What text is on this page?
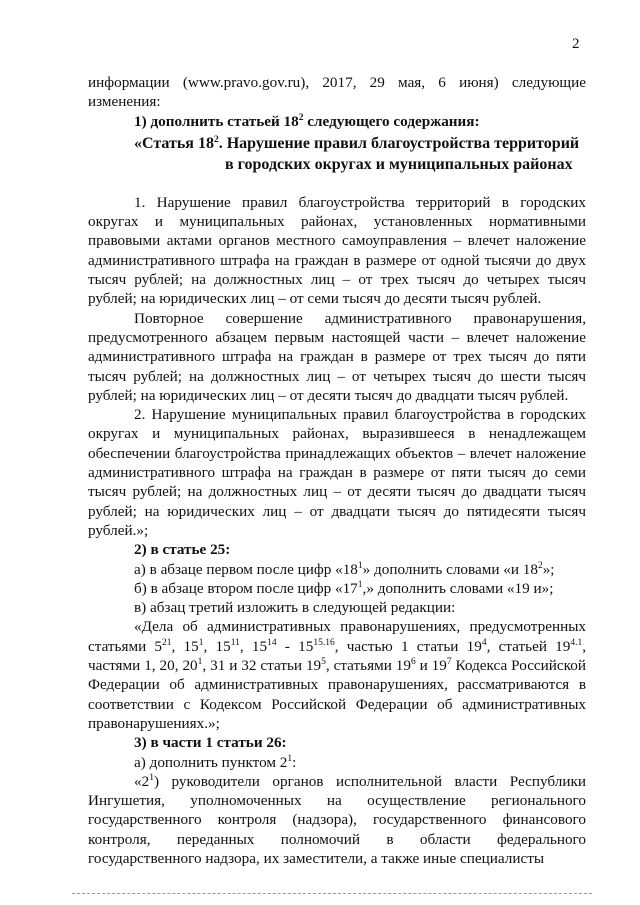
2

информации (www.pravo.gov.ru), 2017, 29 мая, 6 июня) следующие изменения:

1) дополнить статьей $18^2$ следующего содержания:

«Статья $18^2$. Нарушение правил благоустройства территорий
в городских округах и муниципальных районах

1. Нарушение правил благоустройства территорий в городских округах и муниципальных районах, установленных нормативными правовыми актами органов местного самоуправления – влечет наложение административного штрафа на граждан в размере от одной тысячи до двух тысяч рублей; на должностных лиц – от трех тысяч до четырех тысяч рублей; на юридических лиц – от семи тысяч до десяти тысяч рублей.

Повторное совершение административного правонарушения, предусмотренного абзацем первым настоящей части – влечет наложение административного штрафа на граждан в размере от трех тысяч до пяти тысяч рублей; на должностных лиц – от четырех тысяч до шести тысяч рублей; на юридических лиц – от десяти тысяч до двадцати тысяч рублей.

2. Нарушение муниципальных правил благоустройства в городских округах и муниципальных районах, выразившееся в ненадлежащем обеспечении благоустройства принадлежащих объектов – влечет наложение административного штрафа на граждан в размере от пяти тысяч до семи тысяч рублей; на должностных лиц – от десяти тысяч до двадцати тысяч рублей; на юридических лиц – от двадцати тысяч до пятидесяти тысяч рублей.»;

2) в статье 25:

а) в абзаце первом после цифр «$18^1$» дополнить словами «и $18^2$»;

б) в абзаце втором после цифр «$17^1$,» дополнить словами «19 и»;

в) абзац третий изложить в следующей редакции:

«Дела об административных правонарушениях, предусмотренных статьями $5^{21}$, $15^1$, $15^{11}$, $15^{14} - 15^{15.16}$, частью 1 статьи $19^4$, статьей $19^{4.1}$, частями 1, 20, $20^1$, 31 и 32 статьи $19^5$, статьями $19^6$ и $19^7$ Кодекса Российской Федерации об административных правонарушениях, рассматриваются в соответствии с Кодексом Российской Федерации об административных правонарушениях.»;

3) в части 1 статьи 26:

а) дополнить пунктом $2^1$:

«$2^1$) руководители органов исполнительной власти Республики Ингушетия, уполномоченных на осуществление регионального государственного контроля (надзора), государственного финансового контроля, переданных полномочий в области федерального государственного надзора, их заместители, а также иные специалисты
